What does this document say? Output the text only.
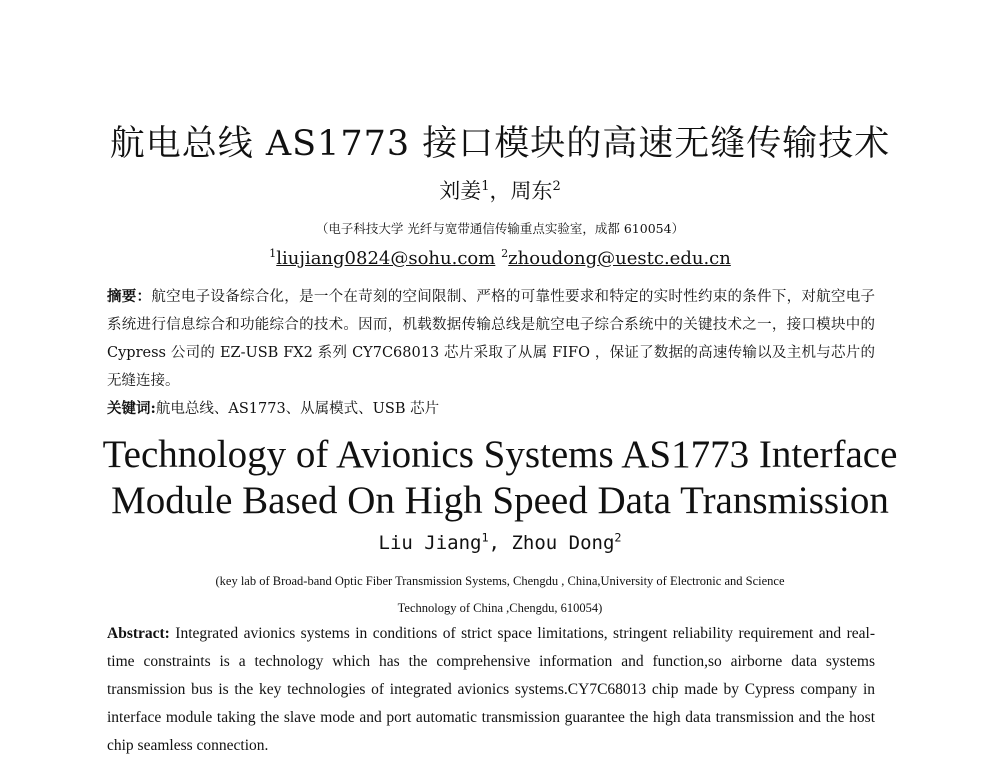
航电总线 AS1773 接口模块的高速无缝传输技术
刘姜$^1$，周东$^2$
（电子科技大学 光纤与宽带通信传输重点实验室，成都 610054）
$^1$liujiang0824@sohu.com $^2$zhoudong@uestc.edu.cn
摘要：航空电子设备综合化，是一个在苛刻的空间限制、严格的可靠性要求和特定的实时性约束的条件下，对航空电子系统进行信息综合和功能综合的技术。因而，机载数据传输总线是航空电子综合系统中的关键技术之一，接口模块中的 Cypress 公司的 EZ-USB FX2 系列 CY7C68013 芯片采取了从属 FIFO ，保证了数据的高速传输以及主机与芯片的无缝连接。
关键词:航电总线、AS1773、从属模式、USB 芯片
Technology of Avionics Systems AS1773 Interface
Module Based On High Speed Data Transmission
Liu Jiang$^1$, Zhou Dong$^2$
(key lab of Broad-band Optic Fiber Transmission Systems, Chengdu , China,University of Electronic and Science
Technology of China ,Chengdu, 610054)
Abstract: Integrated avionics systems in conditions of strict space limitations, stringent reliability requirement and real-time constraints is a technology which has the comprehensive information and function,so airborne data systems transmission bus is the key technologies of integrated avionics systems.CY7C68013 chip made by Cypress company in interface module taking the slave mode and port automatic transmission guarantee the high data transmission and the host chip seamless connection.
